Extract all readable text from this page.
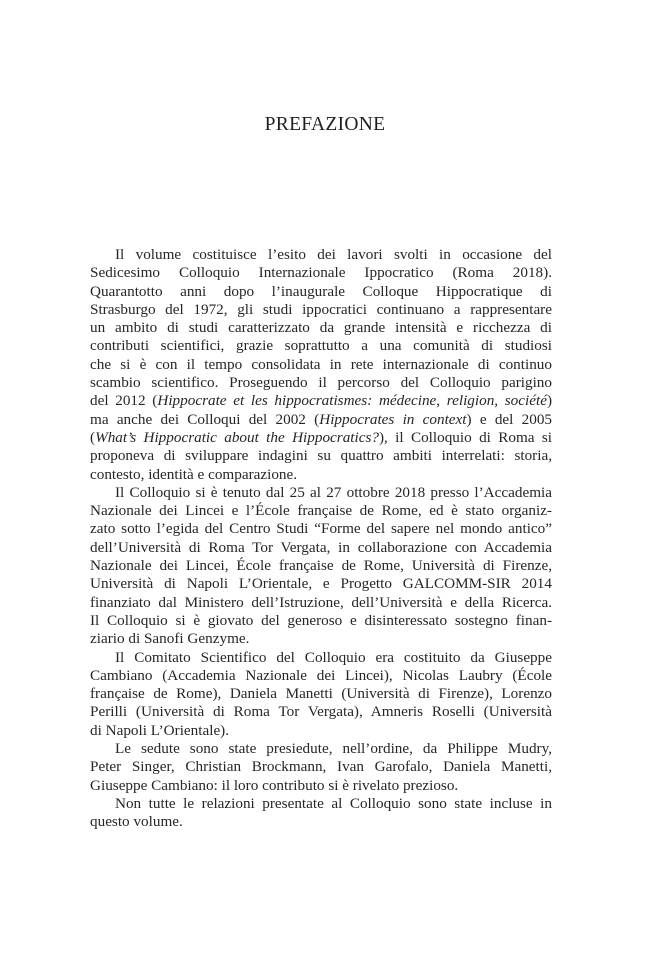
PREFAZIONE

Il volume costituisce l’esito dei lavori svolti in occasione del
Sedicesimo Colloquio Internazionale Ippocratico (Roma 2018).
Quarantotto anni dopo l’inaugurale Colloque Hippocratique di
Strasburgo del 1972, gli studi ippocratici continuano a rappresentare
un ambito di studi caratterizzato da grande intensità e ricchezza di
contributi scientifici, grazie soprattutto a una comunità di studiosi
che si è con il tempo consolidata in rete internazionale di continuo
scambio scientifico. Proseguendo il percorso del Colloquio parigino
del 2012 (Hippocrate et les hippocratismes: médecine, religion, société)
ma anche dei Colloqui del 2002 (Hippocrates in context) e del 2005
(What’s Hippocratic about the Hippocratics?), il Colloquio di Roma si
proponeva di sviluppare indagini su quattro ambiti interrelati: storia,
contesto, identità e comparazione.

Il Colloquio si è tenuto dal 25 al 27 ottobre 2018 presso l’Accademia
Nazionale dei Lincei e l’École française de Rome, ed è stato organiz-
zato sotto l’egida del Centro Studi “Forme del sapere nel mondo antico”
dell’Università di Roma Tor Vergata, in collaborazione con Accademia
Nazionale dei Lincei, École française de Rome, Università di Firenze,
Università di Napoli L’Orientale, e Progetto GALCOMM-SIR 2014
finanziato dal Ministero dell’Istruzione, dell’Università e della Ricerca.
Il Colloquio si è giovato del generoso e disinteressato sostegno finan-
ziario di Sanofi Genzyme.

Il Comitato Scientifico del Colloquio era costituito da Giuseppe
Cambiano (Accademia Nazionale dei Lincei), Nicolas Laubry (École
française de Rome), Daniela Manetti (Università di Firenze), Lorenzo
Perilli (Università di Roma Tor Vergata), Amneris Roselli (Università
di Napoli L’Orientale).

Le sedute sono state presiedute, nell’ordine, da Philippe Mudry,
Peter Singer, Christian Brockmann, Ivan Garofalo, Daniela Manetti,
Giuseppe Cambiano: il loro contributo si è rivelato prezioso.

Non tutte le relazioni presentate al Colloquio sono state incluse in
questo volume.
